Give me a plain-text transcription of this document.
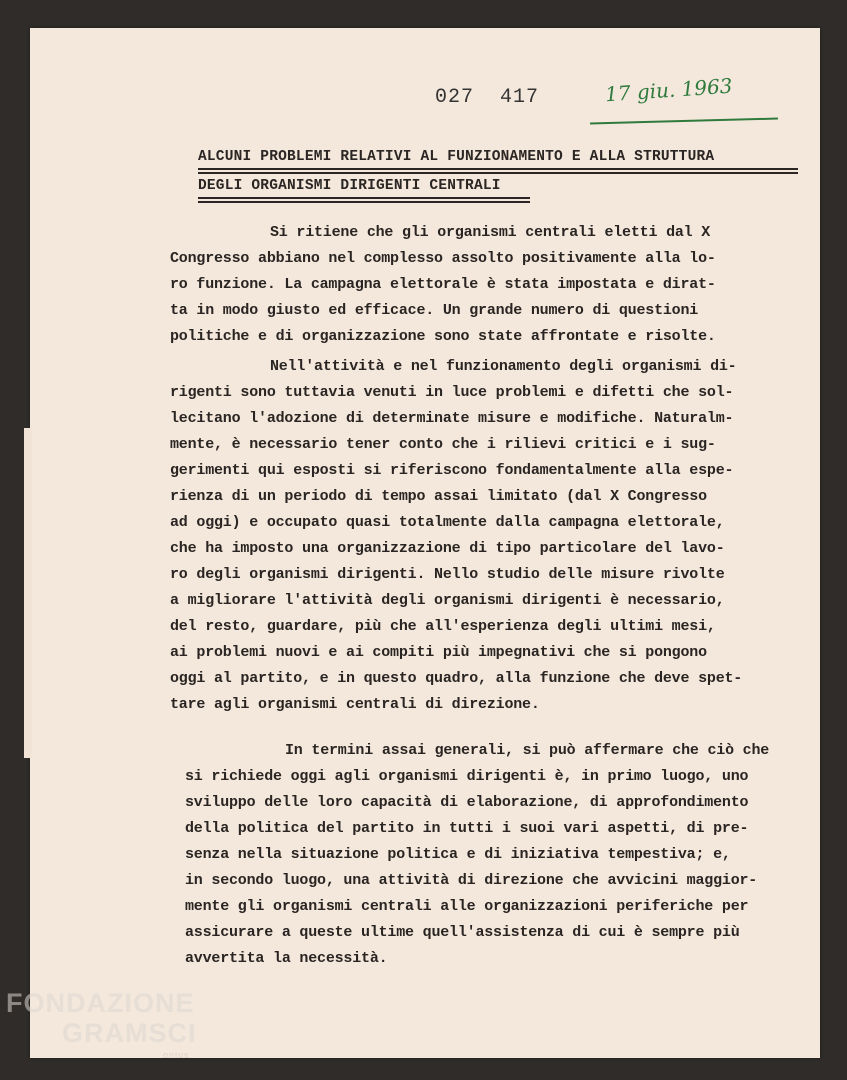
027  417	17 giu. 1963

ALCUNI PROBLEMI RELATIVI AL FUNZIONAMENTO E ALLA STRUTTURA

DEGLI ORGANISMI DIRIGENTI CENTRALI

Si ritiene che gli organismi centrali eletti dal X
Congresso abbiano nel complesso assolto positivamente alla lo-
ro funzione. La campagna elettorale è stata impostata e dirat-
ta in modo giusto ed efficace. Un grande numero di questioni
politiche e di organizzazione sono state affrontate e risolte.
Nell'attività e nel funzionamento degli organismi di-
rigenti sono tuttavia venuti in luce problemi e difetti che sol-
lecitano l'adozione di determinate misure e modifiche. Naturalm-
mente, è necessario tener conto che i rilievi critici e i sug-
gerimenti qui esposti si riferiscono fondamentalmente alla espe-
rienza di un periodo di tempo assai limitato (dal X Congresso
ad oggi) e occupato quasi totalmente dalla campagna elettorale,
che ha imposto una organizzazione di tipo particolare del lavo-
ro degli organismi dirigenti. Nello studio delle misure rivolte
a migliorare l'attività degli organismi dirigenti è necessario,
del resto, guardare, più che all'esperienza degli ultimi mesi,
ai problemi nuovi e ai compiti più impegnativi che si pongono
oggi al partito, e in questo quadro, alla funzione che deve spet-
tare agli organismi centrali di direzione.
In termini assai generali, si può affermare che ciò che
si richiede oggi agli organismi dirigenti è, in primo luogo, uno
sviluppo delle loro capacità di elaborazione, di approfondimento
della politica del partito in tutti i suoi vari aspetti, di pre-
senza nella situazione politica e di iniziativa tempestiva; e,
in secondo luogo, una attività di direzione che avvicini maggior-
mente gli organismi centrali alle organizzazioni periferiche per
assicurare a queste ultime quell'assistenza di cui è sempre più
avvertita la necessità.
FONDAZIONE
GRAMSCI
onlus
